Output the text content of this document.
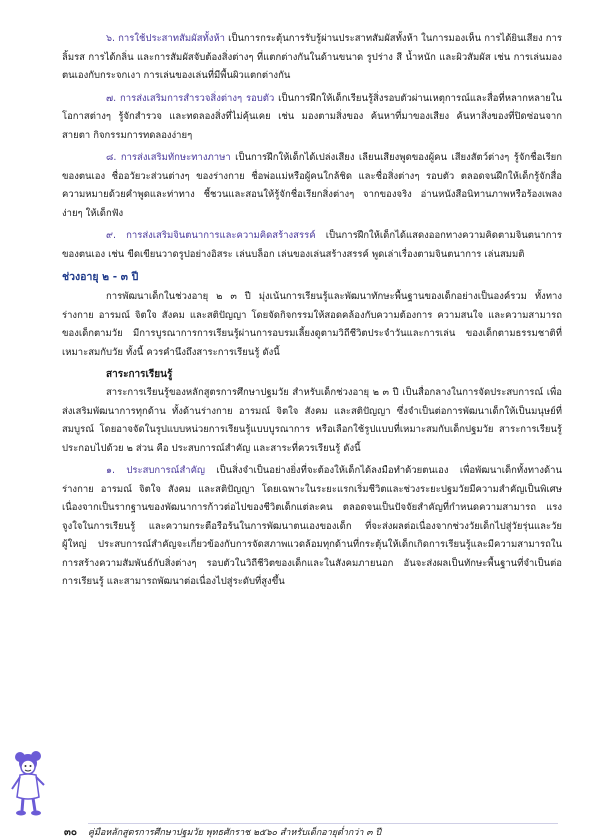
๖. การใช้ประสาทสัมผัสทั้งห้า เป็นการกระตุ้นการรับรู้ผ่านประสาทสัมผัสทั้งห้า ในการมองเห็น การได้ยินเสียง การลิ้มรส การได้กลิ่น และการสัมผัสจับต้องสิ่งต่างๆ ที่แตกต่างกันในด้านขนาด รูปร่าง สี น้ำหนัก และผิวสัมผัส เช่น การเล่นมองตนเองกับกระจกเงา การเล่นของเล่นที่มีพื้นผิวแตกต่างกัน

๗. การส่งเสริมการสำรวจสิ่งต่างๆ รอบตัว เป็นการฝึกให้เด็กเรียนรู้สิ่งรอบตัวผ่านเหตุการณ์และสื่อที่หลากหลายในโอกาสต่างๆ รู้จักสำรวจ และทดลองสิ่งที่ไม่คุ้นเคย เช่น มองตามสิ่งของ ค้นหาที่มาของเสียง ค้นหาสิ่งของที่ปิดซ่อนจากสายตา กิจกรรมการทดลองง่ายๆ

๘. การส่งเสริมทักษะทางภาษา เป็นการฝึกให้เด็กได้เปล่งเสียง เลียนเสียงพูดของผู้คน เสียงสัตว์ต่างๆ รู้จักชื่อเรียกของตนเอง ชื่ออวัยวะส่วนต่างๆ ของร่างกาย ชื่อพ่อแม่หรือผู้คนใกล้ชิด และชื่อสิ่งต่างๆ รอบตัว ตลอดจนฝึกให้เด็กรู้จักสื่อความหมายด้วยคำพูดและท่าทาง ชี้ชวนและสอนให้รู้จักชื่อเรียกสิ่งต่างๆ จากของจริง อ่านหนังสือนิทานภาพหรือร้องเพลงง่ายๆ ให้เด็กฟัง

๙. การส่งเสริมจินตนาการและความคิดสร้างสรรค์ เป็นการฝึกให้เด็กได้แสดงออกทางความคิดตามจินตนาการของตนเอง เช่น ขีดเขียนวาดรูปอย่างอิสระ เล่นบล็อก เล่นของเล่นสร้างสรรค์ พูดเล่าเรื่องตามจินตนาการ เล่นสมมติ

ช่วงอายุ ๒ - ๓ ปี

การพัฒนาเด็กในช่วงอายุ ๒ ๓ ปี มุ่งเน้นการเรียนรู้และพัฒนาทักษะพื้นฐานของเด็กอย่างเป็นองค์รวม ทั้งทางร่างกาย อารมณ์ จิตใจ สังคม และสติปัญญา โดยจัดกิจกรรมให้สอดคล้องกับความต้องการ ความสนใจ และความสามารถของเด็กตามวัย มีการบูรณาการการเรียนรู้ผ่านการอบรมเลี้ยงดูตามวิถีชีวิตประจำวันและการเล่น ของเด็กตามธรรมชาติที่เหมาะสมกับวัย ทั้งนี้ ควรคำนึงถึงสาระการเรียนรู้ ดังนี้

สาระการเรียนรู้

สาระการเรียนรู้ของหลักสูตรการศึกษาปฐมวัย สำหรับเด็กช่วงอายุ ๒ ๓ ปี เป็นสื่อกลางในการจัดประสบการณ์ เพื่อส่งเสริมพัฒนาการทุกด้าน ทั้งด้านร่างกาย อารมณ์ จิตใจ สังคม และสติปัญญา ซึ่งจำเป็นต่อการพัฒนาเด็กให้เป็นมนุษย์ที่สมบูรณ์ โดยอาจจัดในรูปแบบหน่วยการเรียนรู้แบบบูรณาการ หรือเลือกใช้รูปแบบที่เหมาะสมกับเด็กปฐมวัย สาระการเรียนรู้ประกอบไปด้วย ๒ ส่วน คือ ประสบการณ์สำคัญ และสาระที่ควรเรียนรู้ ดังนี้

๑. ประสบการณ์สำคัญ เป็นสิ่งจำเป็นอย่างยิ่งที่จะต้องให้เด็กได้ลงมือทำด้วยตนเอง เพื่อพัฒนาเด็กทั้งทางด้านร่างกาย อารมณ์ จิตใจ สังคม และสติปัญญา โดยเฉพาะในระยะแรกเริ่มชีวิตและช่วงระยะปฐมวัยมีความสำคัญเป็นพิเศษ เนื่องจากเป็นรากฐานของพัฒนาการก้าวต่อไปของชีวิตเด็กแต่ละคน ตลอดจนเป็นปัจจัยสำคัญที่กำหนดความสามารถ แรงจูงใจในการเรียนรู้ และความกระตือรือร้นในการพัฒนาตนเองของเด็ก ที่จะส่งผลต่อเนื่องจากช่วงวัยเด็กไปสู่วัยรุ่นและวัยผู้ใหญ่ ประสบการณ์สำคัญจะเกี่ยวข้องกับการจัดสภาพแวดล้อมทุกด้านที่กระตุ้นให้เด็กเกิดการเรียนรู้และมีความสามารถในการสร้างความสัมพันธ์กับสิ่งต่างๆ รอบตัวในวิถีชีวิตของเด็กและในสังคมภายนอก อันจะส่งผลเป็นทักษะพื้นฐานที่จำเป็นต่อการเรียนรู้ และสามารถพัฒนาต่อเนื่องไปสู่ระดับที่สูงขึ้น

๓๐ คู่มือหลักสูตรการศึกษาปฐมวัย พุทธศักราช ๒๕๖๐ สำหรับเด็กอายุต่ำกว่า ๓ ปี
